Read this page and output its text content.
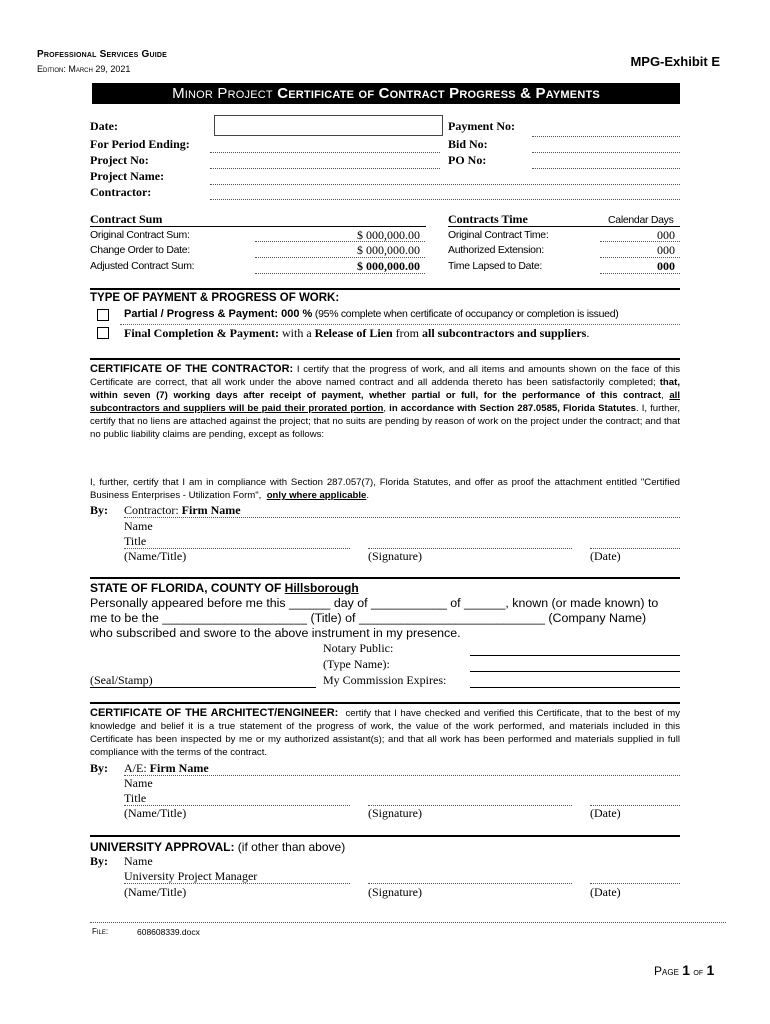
Professional Services Guide
Edition: March 29, 2021	MPG-Exhibit E
Minor Project Certificate of Contract Progress & Payments
Date:
For Period Ending:
Project No:
Project Name:
Contractor:
Payment No:
Bid No:
PO No:
Contract Sum
Original Contract Sum:	$ 000,000.00
Change Order to Date:	$ 000,000.00
Adjusted Contract Sum:	$ 000,000.00
Contracts Time	Calendar Days
Original Contract Time:	000
Authorized Extension:	000
Time Lapsed to Date:	000
TYPE OF PAYMENT & PROGRESS OF WORK:
Partial / Progress & Payment: 000 % (95% complete when certificate of occupancy or completion is issued)
Final Completion & Payment: with a Release of Lien from all subcontractors and suppliers.
CERTIFICATE OF THE CONTRACTOR: I certify that the progress of work, and all items and amounts shown on the face of this Certificate are correct, that all work under the above named contract and all addenda thereto has been satisfactorily completed; that, within seven (7) working days after receipt of payment, whether partial or full, for the performance of this contract, all subcontractors and suppliers will be paid their prorated portion, in accordance with Section 287.0585, Florida Statutes. I, further, certify that no liens are attached against the project; that no suits are pending by reason of work on the project under the contract; and that no public liability claims are pending, except as follows:
I, further, certify that I am in compliance with Section 287.057(7), Florida Statutes, and offer as proof the attachment entitled "Certified Business Enterprises - Utilization Form",  only where applicable.
By: Contractor: Firm Name
Name
Title
(Name/Title)	(Signature)	(Date)
STATE OF FLORIDA, COUNTY OF Hillsborough
Personally appeared before me this ______ day of ___________ of ______, known (or made known) to
me to be the _____________________ (Title) of ___________________________ (Company Name)
who subscribed and swore to the above instrument in my presence.
Notary Public:
(Type Name):
(Seal/Stamp)	My Commission Expires:
CERTIFICATE OF THE ARCHITECT/ENGINEER:  certify that I have checked and verified this Certificate, that to the best of my knowledge and belief it is a true statement of the progress of work, the value of the work performed, and materials included in this Certificate has been inspected by me or my authorized assistant(s); and that all work has been performed and materials supplied in full compliance with the terms of the contract.
By: A/E: Firm Name
Name
Title
(Name/Title)	(Signature)	(Date)
UNIVERSITY APPROVAL: (if other than above)
By: Name
University Project Manager
(Name/Title)	(Signature)	(Date)
File:	608608339.docx
Page 1 of 1
